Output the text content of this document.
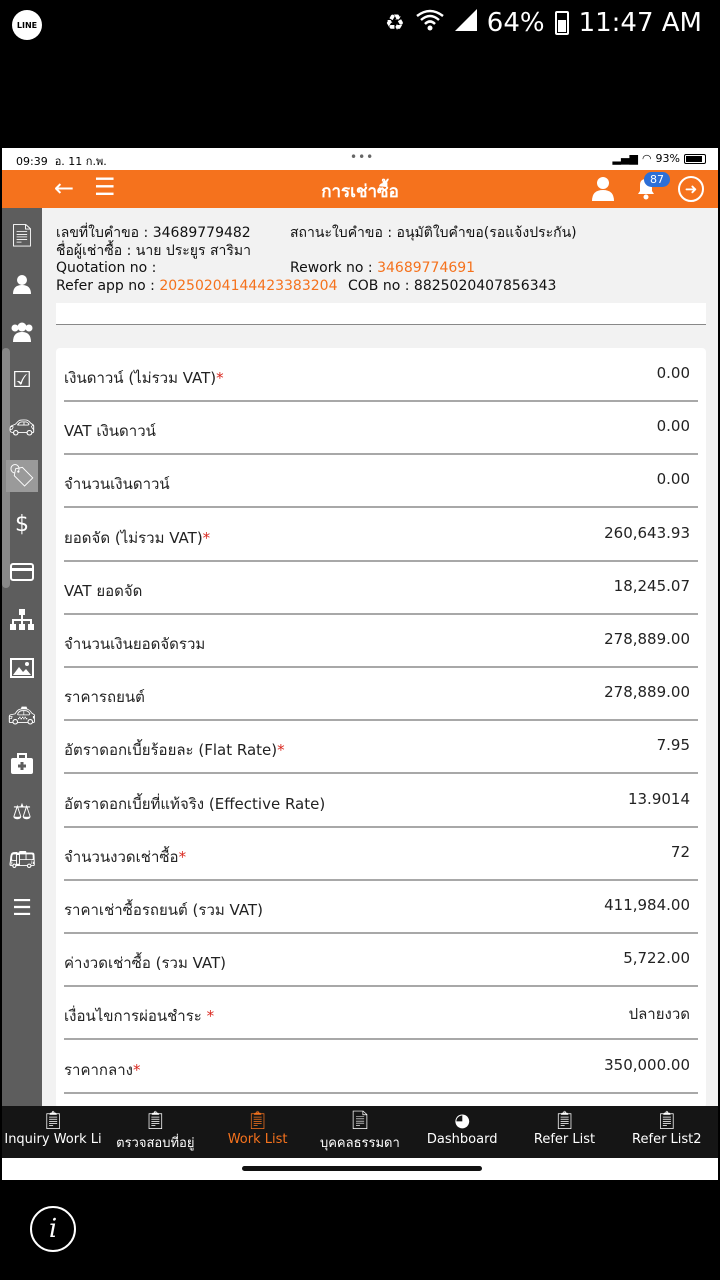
LINE	♻	64% 11:47 AM
09:39 อ. 11 ก.พ.	•••	▂▄▆ ◠ 93%
← ☰	การเช่าซื้อ
87
➜
📄︎
☑
🚗︎
🏷︎
$
🚕︎
⚖
🚌︎
☰
เลขที่ใบคำขอ : 34689779482	สถานะใบคำขอ : อนุมัติใบคำขอ(รอแจ้งประกัน)
ชื่อผู้เช่าซื้อ : นาย ประยูร สาริมา
Quotation no :	Rework no : 34689774691
Refer app no : 20250204144423383204 COB no : 8825020407856343
เงินดาวน์ (ไม่รวม VAT)*	0.00
VAT เงินดาวน์	0.00
จำนวนเงินดาวน์	0.00
ยอดจัด (ไม่รวม VAT)*	260,643.93
VAT ยอดจัด	18,245.07
จำนวนเงินยอดจัดรวม	278,889.00
ราคารถยนต์	278,889.00
อัตราดอกเบี้ยร้อยละ (Flat Rate)*	7.95
อัตราดอกเบี้ยที่แท้จริง (Effective Rate)	13.9014
จำนวนงวดเช่าซื้อ*	72
ราคาเช่าซื้อรถยนต์ (รวม VAT)	411,984.00
ค่างวดเช่าซื้อ (รวม VAT)	5,722.00
เงื่อนไขการผ่อนชำระ *	ปลายงวด
ราคากลาง*	350,000.00
📋︎
Inquiry Work Li
📋︎
ตรวจสอบที่อยู่
📋︎
Work List
📄︎
บุคคลธรรมดา
◕
Dashboard
📋︎
Refer List
📋︎
Refer List2
i
